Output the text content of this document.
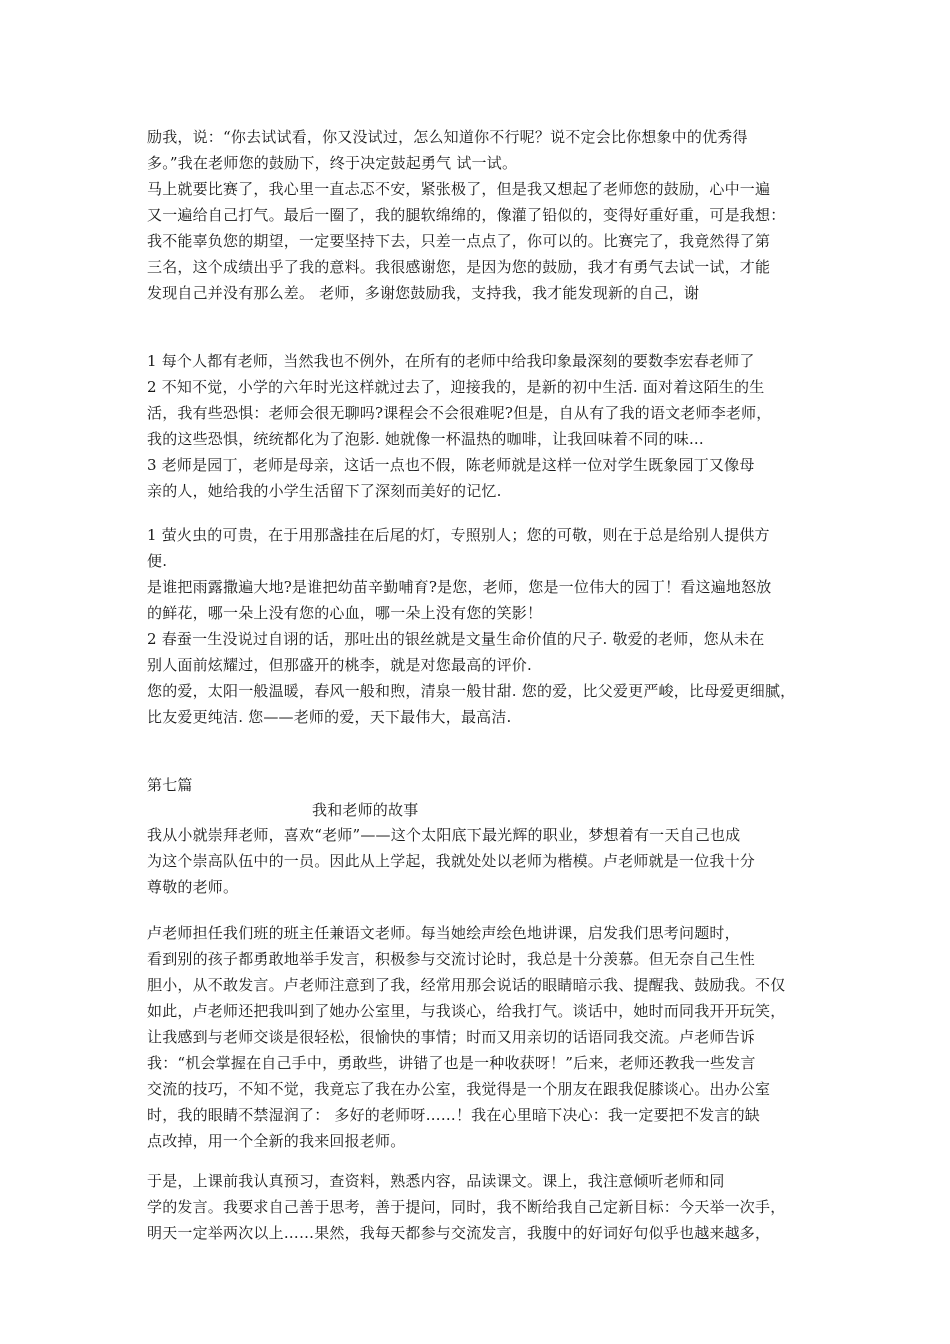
励我，说：“你去试试看，你又没试过，怎么知道你不行呢？说不定会比你想象中的优秀得
多。”我在老师您的鼓励下，终于决定鼓起勇气 试一试。
马上就要比赛了，我心里一直忐忑不安，紧张极了，但是我又想起了老师您的鼓励，心中一遍
又一遍给自己打气。最后一圈了，我的腿软绵绵的，像灌了铅似的，变得好重好重，可是我想：
我不能辜负您的期望，一定要坚持下去，只差一点点了，你可以的。比赛完了，我竟然得了第
三名，这个成绩出乎了我的意料。我很感谢您，是因为您的鼓励，我才有勇气去试一试，才能
发现自己并没有那么差。 老师，多谢您鼓励我，支持我，我才能发现新的自己，谢
1 每个人都有老师，当然我也不例外，在所有的老师中给我印象最深刻的要数李宏春老师了
2 不知不觉，小学的六年时光这样就过去了，迎接我的，是新的初中生活. 面对着这陌生的生
活，我有些恐惧：老师会很无聊吗?课程会不会很难呢?但是，自从有了我的语文老师李老师，
我的这些恐惧，统统都化为了泡影. 她就像一杯温热的咖啡，让我回味着不同的味...
3 老师是园丁，老师是母亲，这话一点也不假，陈老师就是这样一位对学生既象园丁又像母
亲的人，她给我的小学生活留下了深刻而美好的记忆.
1 萤火虫的可贵，在于用那盏挂在后尾的灯，专照别人；您的可敬，则在于总是给别人提供方
便.
是谁把雨露撒遍大地?是谁把幼苗辛勤哺育?是您，老师，您是一位伟大的园丁！看这遍地怒放
的鲜花，哪一朵上没有您的心血，哪一朵上没有您的笑影！
2 春蚕一生没说过自诩的话，那吐出的银丝就是文量生命价值的尺子. 敬爱的老师，您从未在
别人面前炫耀过，但那盛开的桃李，就是对您最高的评价.
您的爱，太阳一般温暖，春风一般和煦，清泉一般甘甜. 您的爱，比父爱更严峻，比母爱更细腻，
比友爱更纯洁. 您——老师的爱，天下最伟大，最高洁.
第七篇
我和老师的故事
我从小就崇拜老师，喜欢“老师”——这个太阳底下最光辉的职业，梦想着有一天自己也成
为这个崇高队伍中的一员。因此从上学起，我就处处以老师为楷模。卢老师就是一位我十分
尊敬的老师。
卢老师担任我们班的班主任兼语文老师。每当她绘声绘色地讲课，启发我们思考问题时，
看到别的孩子都勇敢地举手发言，积极参与交流讨论时，我总是十分羡慕。但无奈自己生性
胆小，从不敢发言。卢老师注意到了我，经常用那会说话的眼睛暗示我、提醒我、鼓励我。不仅
如此，卢老师还把我叫到了她办公室里，与我谈心，给我打气。谈话中，她时而同我开开玩笑，
让我感到与老师交谈是很轻松，很愉快的事情；时而又用亲切的话语同我交流。卢老师告诉
我：“机会掌握在自己手中，勇敢些，讲错了也是一种收获呀！”后来，老师还教我一些发言
交流的技巧，不知不觉，我竟忘了我在办公室，我觉得是一个朋友在跟我促膝谈心。出办公室
时，我的眼睛不禁湿润了： 多好的老师呀……！我在心里暗下决心：我一定要把不发言的缺
点改掉，用一个全新的我来回报老师。
于是，上课前我认真预习，查资料，熟悉内容，品读课文。课上，我注意倾听老师和同
学的发言。我要求自己善于思考，善于提问，同时，我不断给我自己定新目标：今天举一次手，
明天一定举两次以上……果然，我每天都参与交流发言，我腹中的好词好句似乎也越来越多，
